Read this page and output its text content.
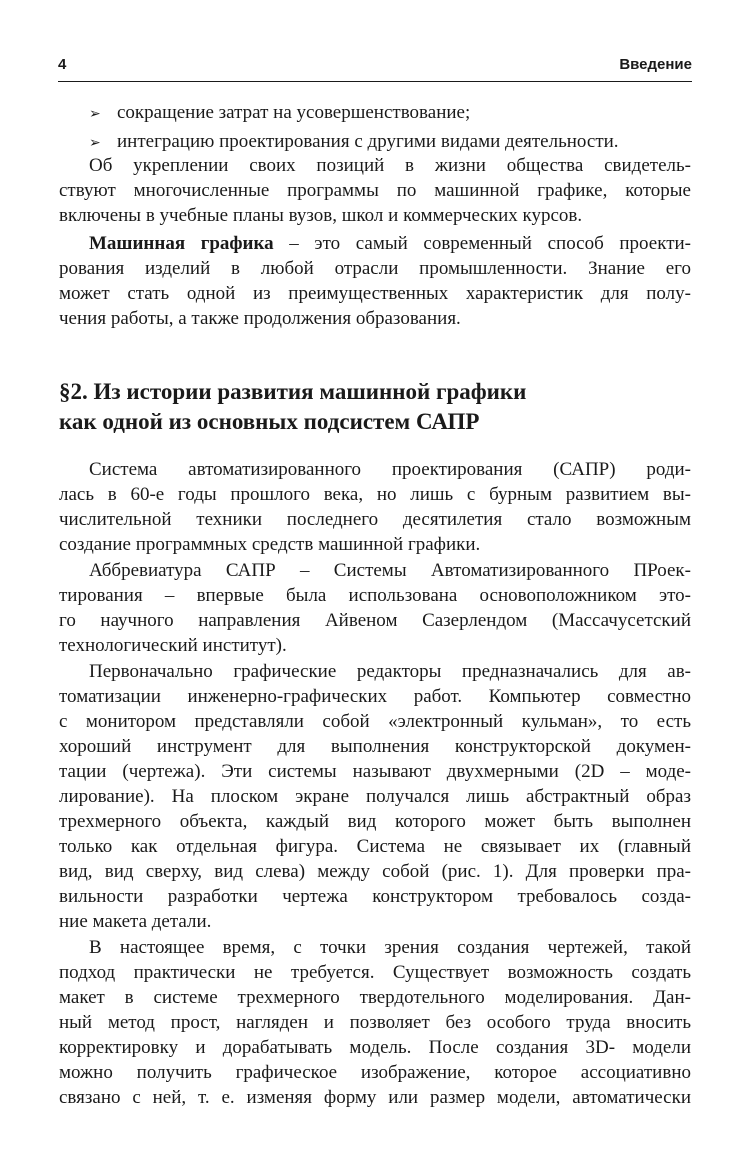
4	Введение
➢ сокращение затрат на усовершенствование;
➢ интеграцию проектирования с другими видами деятельности.
Об укреплении своих позиций в жизни общества свидетель-
ствуют многочисленные программы по машинной графике, которые
включены в учебные планы вузов, школ и коммерческих курсов.
Машинная графика – это самый современный способ проекти-
рования изделий в любой отрасли промышленности. Знание его
может стать одной из преимущественных характеристик для полу-
чения работы, а также продолжения образования.
§2. Из истории развития машинной графики
как одной из основных подсистем САПР
Система автоматизированного проектирования (САПР) роди-
лась в 60-е годы прошлого века, но лишь с бурным развитием вы-
числительной техники последнего десятилетия стало возможным
создание программных средств машинной графики.
Аббревиатура САПР – Системы Автоматизированного ПРоек-
тирования – впервые была использована основоположником это-
го научного направления Айвеном Сазерлендом (Массачусетский
технологический институт).
Первоначально графические редакторы предназначались для ав-
томатизации инженерно-графических работ. Компьютер совместно
с монитором представляли собой «электронный кульман», то есть
хороший инструмент для выполнения конструкторской докумен-
тации (чертежа). Эти системы называют двухмерными (2D – моде-
лирование). На плоском экране получался лишь абстрактный образ
трехмерного объекта, каждый вид которого может быть выполнен
только как отдельная фигура. Система не связывает их (главный
вид, вид сверху, вид слева) между собой (рис. 1). Для проверки пра-
вильности разработки чертежа конструктором требовалось созда-
ние макета детали.
В настоящее время, с точки зрения создания чертежей, такой
подход практически не требуется. Существует возможность создать
макет в системе трехмерного твердотельного моделирования. Дан-
ный метод прост, нагляден и позволяет без особого труда вносить
корректировку и дорабатывать модель. После создания 3D- модели
можно получить графическое изображение, которое ассоциативно
связано с ней, т. е. изменяя форму или размер модели, автоматически
